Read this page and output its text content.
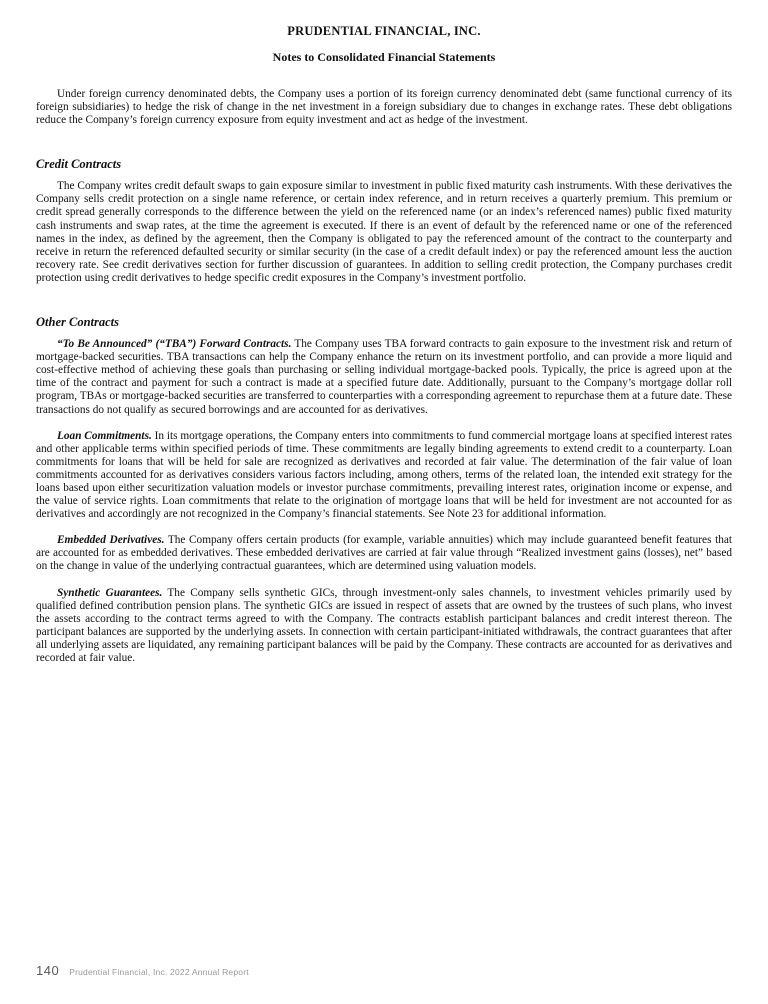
PRUDENTIAL FINANCIAL, INC.
Notes to Consolidated Financial Statements

Under foreign currency denominated debts, the Company uses a portion of its foreign currency denominated debt (same functional currency of its foreign subsidiaries) to hedge the risk of change in the net investment in a foreign subsidiary due to changes in exchange rates. These debt obligations reduce the Company’s foreign currency exposure from equity investment and act as hedge of the investment.

Credit Contracts

The Company writes credit default swaps to gain exposure similar to investment in public fixed maturity cash instruments. With these derivatives the Company sells credit protection on a single name reference, or certain index reference, and in return receives a quarterly premium. This premium or credit spread generally corresponds to the difference between the yield on the referenced name (or an index’s referenced names) public fixed maturity cash instruments and swap rates, at the time the agreement is executed. If there is an event of default by the referenced name or one of the referenced names in the index, as defined by the agreement, then the Company is obligated to pay the referenced amount of the contract to the counterparty and receive in return the referenced defaulted security or similar security (in the case of a credit default index) or pay the referenced amount less the auction recovery rate. See credit derivatives section for further discussion of guarantees. In addition to selling credit protection, the Company purchases credit protection using credit derivatives to hedge specific credit exposures in the Company’s investment portfolio.

Other Contracts

“To Be Announced” (“TBA”) Forward Contracts. The Company uses TBA forward contracts to gain exposure to the investment risk and return of mortgage-backed securities. TBA transactions can help the Company enhance the return on its investment portfolio, and can provide a more liquid and cost-effective method of achieving these goals than purchasing or selling individual mortgage-backed pools. Typically, the price is agreed upon at the time of the contract and payment for such a contract is made at a specified future date. Additionally, pursuant to the Company’s mortgage dollar roll program, TBAs or mortgage-backed securities are transferred to counterparties with a corresponding agreement to repurchase them at a future date. These transactions do not qualify as secured borrowings and are accounted for as derivatives.

Loan Commitments. In its mortgage operations, the Company enters into commitments to fund commercial mortgage loans at specified interest rates and other applicable terms within specified periods of time. These commitments are legally binding agreements to extend credit to a counterparty. Loan commitments for loans that will be held for sale are recognized as derivatives and recorded at fair value. The determination of the fair value of loan commitments accounted for as derivatives considers various factors including, among others, terms of the related loan, the intended exit strategy for the loans based upon either securitization valuation models or investor purchase commitments, prevailing interest rates, origination income or expense, and the value of service rights. Loan commitments that relate to the origination of mortgage loans that will be held for investment are not accounted for as derivatives and accordingly are not recognized in the Company’s financial statements. See Note 23 for additional information.

Embedded Derivatives. The Company offers certain products (for example, variable annuities) which may include guaranteed benefit features that are accounted for as embedded derivatives. These embedded derivatives are carried at fair value through “Realized investment gains (losses), net” based on the change in value of the underlying contractual guarantees, which are determined using valuation models.

Synthetic Guarantees. The Company sells synthetic GICs, through investment-only sales channels, to investment vehicles primarily used by qualified defined contribution pension plans. The synthetic GICs are issued in respect of assets that are owned by the trustees of such plans, who invest the assets according to the contract terms agreed to with the Company. The contracts establish participant balances and credit interest thereon. The participant balances are supported by the underlying assets. In connection with certain participant-initiated withdrawals, the contract guarantees that after all underlying assets are liquidated, any remaining participant balances will be paid by the Company. These contracts are accounted for as derivatives and recorded at fair value.

140 Prudential Financial, Inc. 2022 Annual Report
